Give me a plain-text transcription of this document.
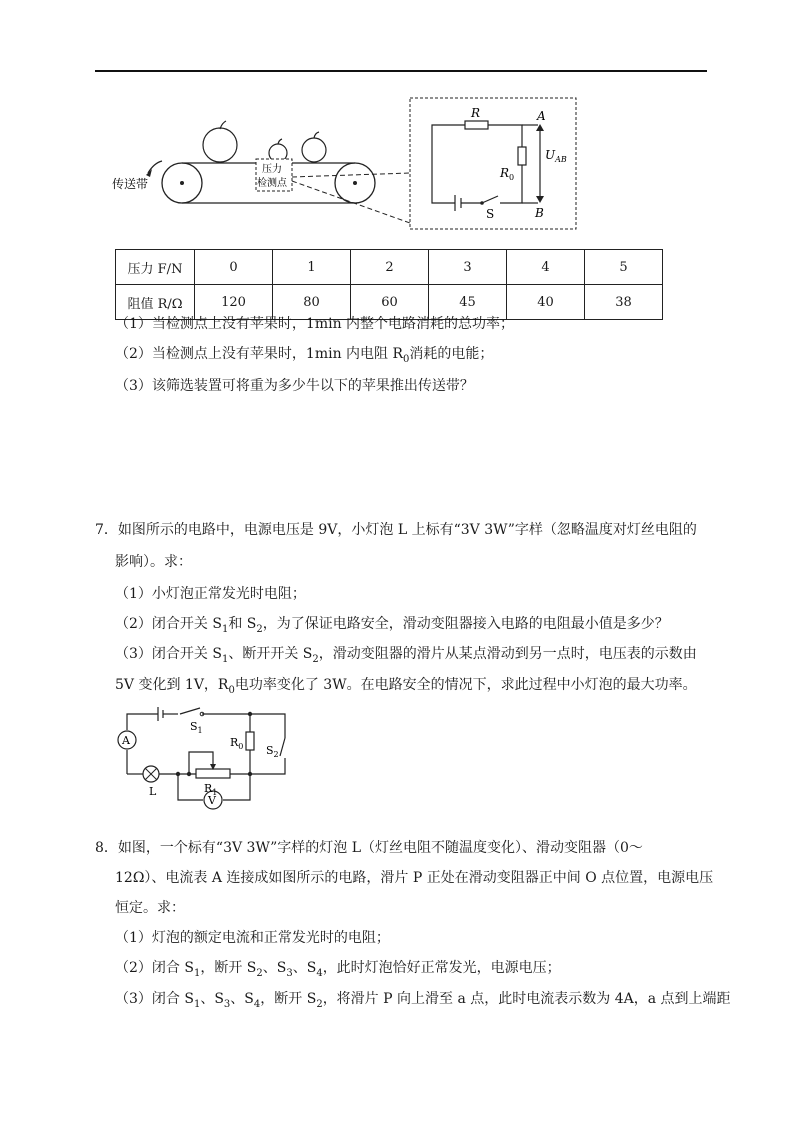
传送带
压力
检测点
R	A
B
$R_0$
$U_{AB}$
S
压力 F/N	0	1	2	3	4	5
阻值 R/Ω	120	80	60	45	40	38
（1）当检测点上没有苹果时，1min 内整个电路消耗的总功率；
（2）当检测点上没有苹果时，1min 内电阻 $R_0$消耗的电能；
（3）该筛选装置可将重为多少牛以下的苹果推出传送带？
7．如图所示的电路中，电源电压是 9V，小灯泡 L 上标有“3V 3W”字样（忽略温度对灯丝电阻的
影响）。求：
（1）小灯泡正常发光时电阻；
（2）闭合开关 $S_1$和 $S_2$，为了保证电路安全，滑动变阻器接入电路的电阻最小值是多少？
（3）闭合开关 $S_1$、断开开关 $S_2$，滑动变阻器的滑片从某点滑动到另一点时，电压表的示数由
5V 变化到 1V，$R_0$电功率变化了 3W。在电路安全的情况下，求此过程中小灯泡的最大功率。
A
V
$S_1$
$R_0$ $S_2$
L	$R_1$
8．如图，一个标有“3V 3W”字样的灯泡 L（灯丝电阻不随温度变化）、滑动变阻器（0～
12Ω）、电流表 A 连接成如图所示的电路，滑片 P 正处在滑动变阻器正中间 O 点位置，电源电压
恒定。求：
（1）灯泡的额定电流和正常发光时的电阻；
（2）闭合 $S_1$，断开 $S_2$、$S_3$、$S_4$，此时灯泡恰好正常发光，电源电压；
（3）闭合 $S_1$、$S_3$、$S_4$，断开 $S_2$，将滑片 P 向上滑至 a 点，此时电流表示数为 4A，a 点到上端距
